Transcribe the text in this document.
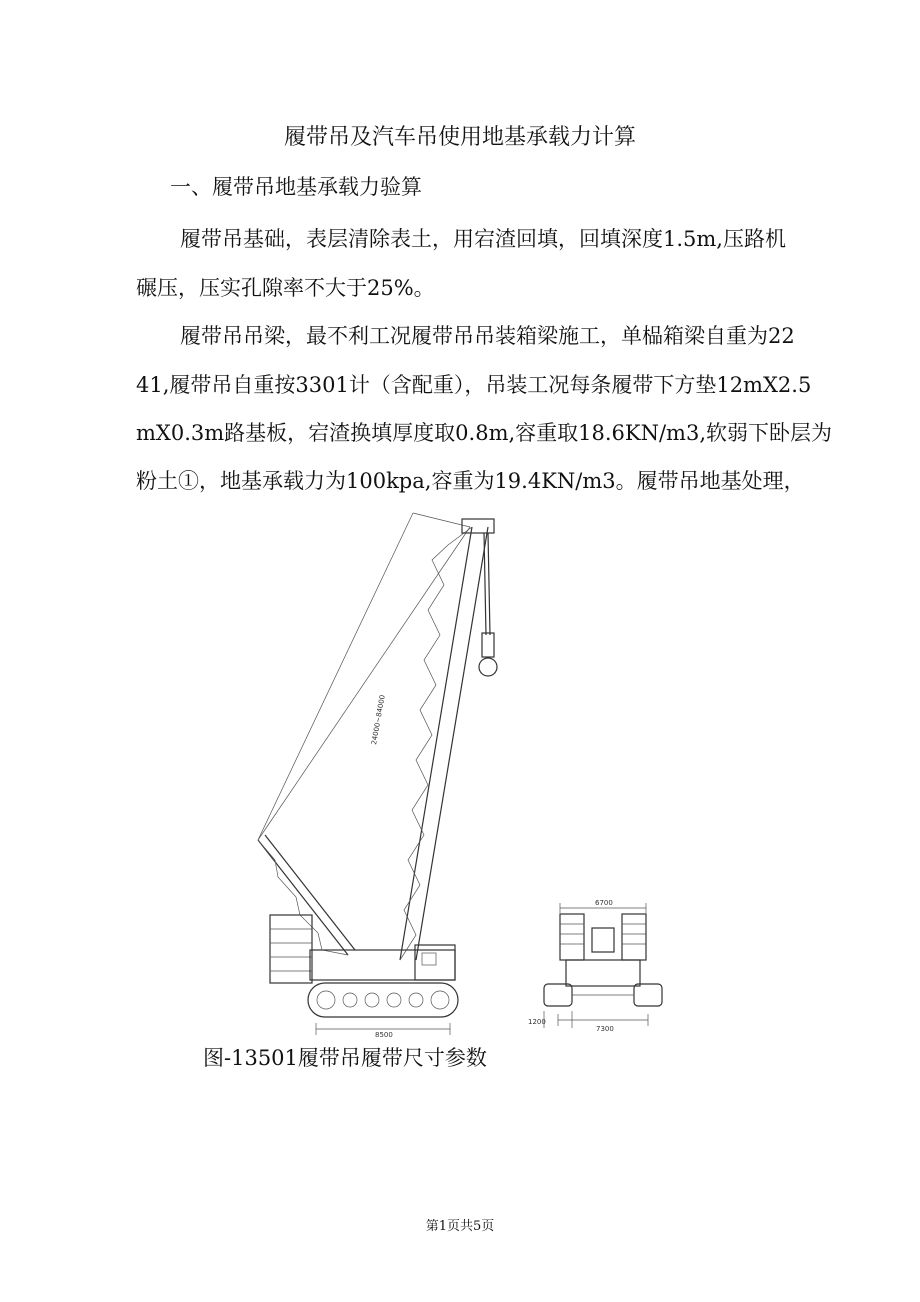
履带吊及汽车吊使用地基承载力计算
一、履带吊地基承载力验算
履带吊基础，表层清除表土，用宕渣回填，回填深度1.5m,压路机
碾压，压实孔隙率不大于25%。
履带吊吊梁，最不利工况履带吊吊装箱梁施工，单榀箱梁自重为22
41,履带吊自重按3301计（含配重），吊装工况每条履带下方垫12mX2.5
mX0.3m路基板，宕渣换填厚度取0.8m,容重取18.6KN/m3,软弱下卧层为
粉土①，地基承载力为100kpa,容重为19.4KN/m3。履带吊地基处理，
24000~84000
8500
6700
7300
1200
图-13501履带吊履带尺寸参数
第1页共5页
